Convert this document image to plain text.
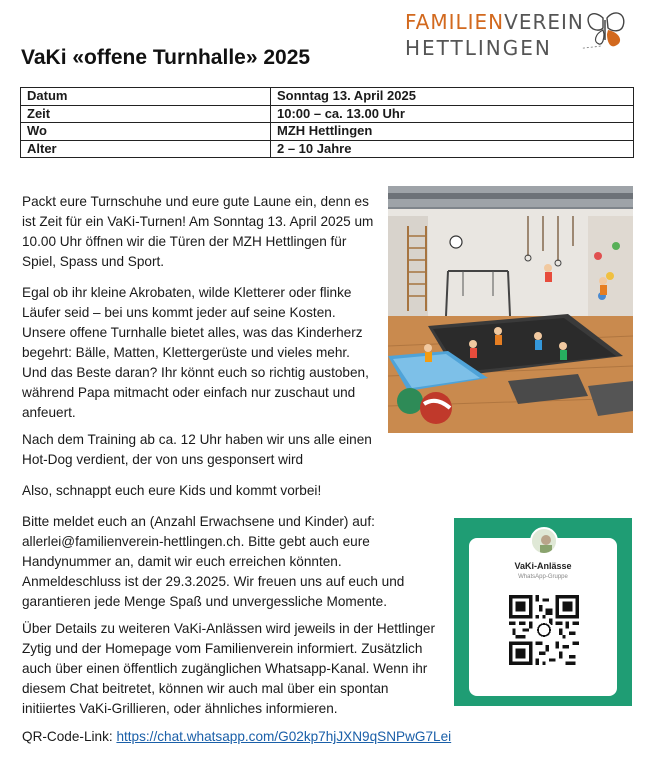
FAMILIENVEREIN
HETTLINGEN
VaKi «offene Turnhalle» 2025
Datum	Sonntag 13. April 2025
Zeit	10:00 – ca. 13.00 Uhr
Wo	MZH Hettlingen
Alter	2 – 10 Jahre
Packt eure Turnschuhe und eure gute Laune ein, denn es ist Zeit für ein VaKi-Turnen! Am Sonntag 13. April 2025 um 10.00 Uhr öffnen wir die Türen der MZH Hettlingen für Spiel, Spass und Sport.
Egal ob ihr kleine Akrobaten, wilde Kletterer oder flinke Läufer seid – bei uns kommt jeder auf seine Kosten. Unsere offene Turnhalle bietet alles, was das Kinderherz begehrt: Bälle, Matten, Klettergerüste und vieles mehr. Und das Beste daran? Ihr könnt euch so richtig austoben, während Papa mitmacht oder einfach nur zuschaut und anfeuert.
Nach dem Training ab ca. 12 Uhr haben wir uns alle einen Hot-Dog verdient, der von uns gesponsert wird
Also, schnappt euch eure Kids und kommt vorbei!
Bitte meldet euch an (Anzahl Erwachsene und Kinder) auf: allerlei@familienverein-hettlingen.ch. Bitte gebt auch eure Handynummer an, damit wir euch erreichen könnten. Anmeldeschluss ist der 29.3.2025. Wir freuen uns auf euch und garantieren jede Menge Spaß und unvergessliche Momente.
Über Details zu weiteren VaKi-Anlässen wird jeweils in der Hettlinger Zytig und der Homepage vom Familienverein informiert. Zusätzlich auch über einen öffentlich zugänglichen Whatsapp-Kanal. Wenn ihr diesem Chat beitretet, können wir auch mal über ein spontan initiiertes VaKi-Grillieren, oder ähnliches informieren.
QR-Code-Link: https://chat.whatsapp.com/G02kp7hjJXN9qSNPwG7Lei
VaKi-Anlässe
WhatsApp-Gruppe
